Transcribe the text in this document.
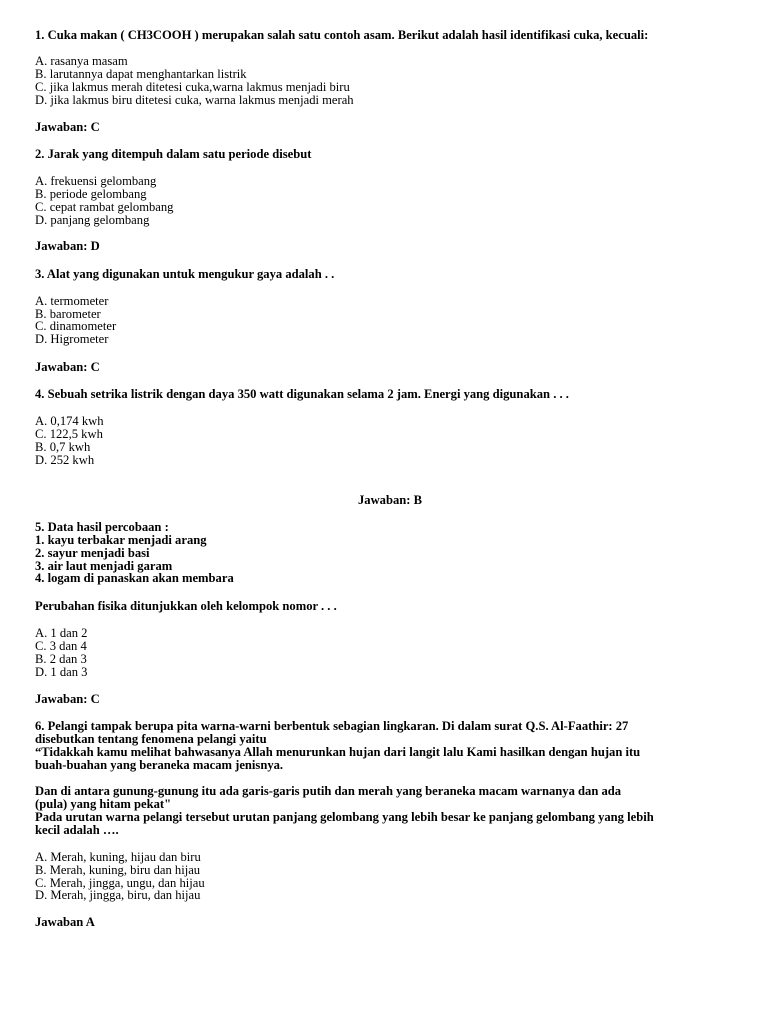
1. Cuka makan ( CH3COOH ) merupakan salah satu contoh asam. Berikut adalah hasil identifikasi cuka, kecuali:
A. rasanya masam
B. larutannya dapat menghantarkan listrik
C. jika lakmus merah ditetesi cuka,warna lakmus menjadi biru
D. jika lakmus biru ditetesi cuka, warna lakmus menjadi merah
Jawaban: C
2. Jarak yang ditempuh dalam satu periode disebut
A. frekuensi gelombang
B. periode gelombang
C. cepat rambat gelombang
D. panjang gelombang
Jawaban: D
3. Alat yang digunakan untuk mengukur gaya adalah . .
A. termometer
B. barometer
C. dinamometer
D. Higrometer
Jawaban: C
4. Sebuah setrika listrik dengan daya 350 watt digunakan selama 2 jam. Energi yang digunakan . . .
A. 0,174 kwh
C. 122,5 kwh
B. 0,7 kwh
D. 252 kwh
Jawaban: B
5. Data hasil percobaan :
1. kayu terbakar menjadi arang
2. sayur menjadi basi
3. air laut menjadi garam
4. logam di panaskan akan membara
Perubahan fisika ditunjukkan oleh kelompok nomor . . .
A. 1 dan 2
C. 3 dan 4
B. 2 dan 3
D. 1 dan 3
Jawaban: C
6. Pelangi tampak berupa pita warna-warni berbentuk sebagian lingkaran. Di dalam surat Q.S. Al-Faathir: 27
disebutkan tentang fenomena pelangi yaitu
“Tidakkah kamu melihat bahwasanya Allah menurunkan hujan dari langit lalu Kami hasilkan dengan hujan itu
buah-buahan yang beraneka macam jenisnya.
Dan di antara gunung-gunung itu ada garis-garis putih dan merah yang beraneka macam warnanya dan ada
(pula) yang hitam pekat"
Pada urutan warna pelangi tersebut urutan panjang gelombang yang lebih besar ke panjang gelombang yang lebih
kecil adalah ….
A. Merah, kuning, hijau dan biru
B. Merah, kuning, biru dan hijau
C. Merah, jingga, ungu, dan hijau
D. Merah, jingga, biru, dan hijau
Jawaban A
